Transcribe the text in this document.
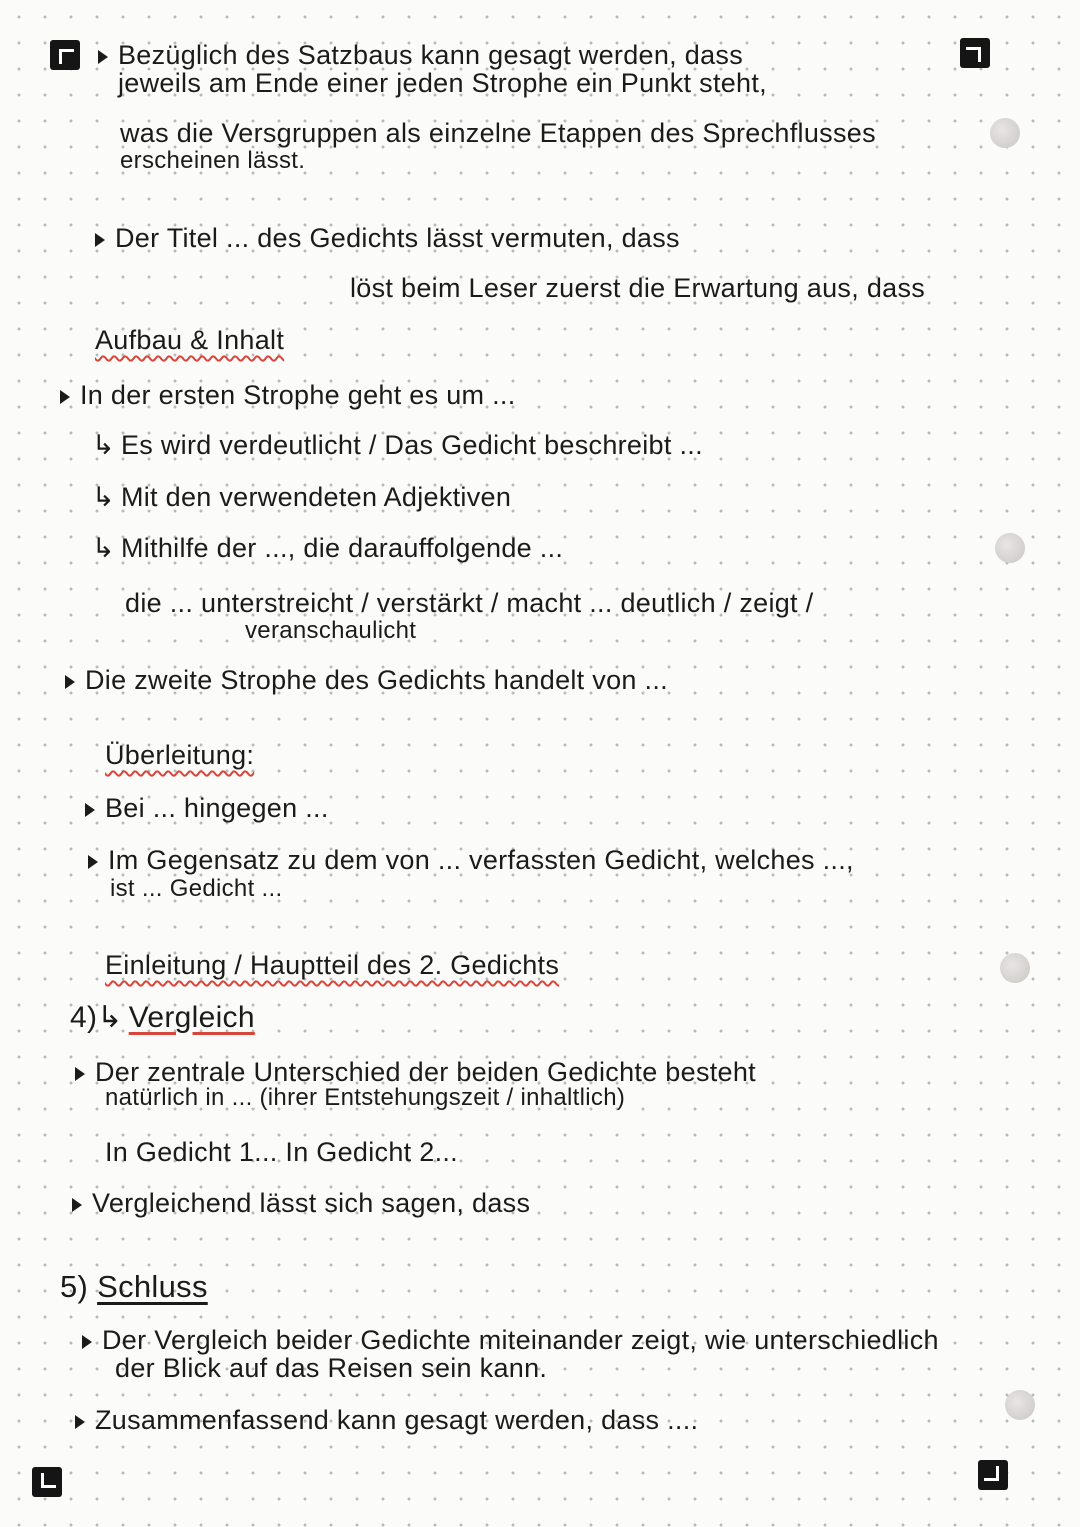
Bezüglich des Satzbaus kann gesagt werden, dass
jeweils am Ende einer jeden Strophe ein Punkt steht,
was die Versgruppen als einzelne Etappen des Sprechflusses
erscheinen lässt.
Der Titel ... des Gedichts lässt vermuten, dass
löst beim Leser zuerst die Erwartung aus, dass
Aufbau & Inhalt
In der ersten Strophe geht es um ...
↳ Es wird verdeutlicht / Das Gedicht beschreibt ...
↳ Mit den verwendeten Adjektiven
↳ Mithilfe der ..., die darauffolgende ...
die ... unterstreicht / verstärkt / macht ... deutlich / zeigt /
veranschaulicht
Die zweite Strophe des Gedichts handelt von ...
Überleitung:
Bei ... hingegen ...
Im Gegensatz zu dem von ... verfassten Gedicht, welches ...,
ist ... Gedicht ...
Einleitung / Hauptteil des 2. Gedichts
4)↳ Vergleich
Der zentrale Unterschied der beiden Gedichte besteht
natürlich in ... (ihrer Entstehungszeit / inhaltlich)
In Gedicht 1... In Gedicht 2...
Vergleichend lässt sich sagen, dass
5) Schluss
Der Vergleich beider Gedichte miteinander zeigt, wie unterschiedlich
der Blick auf das Reisen sein kann.
Zusammenfassend kann gesagt werden, dass ....
